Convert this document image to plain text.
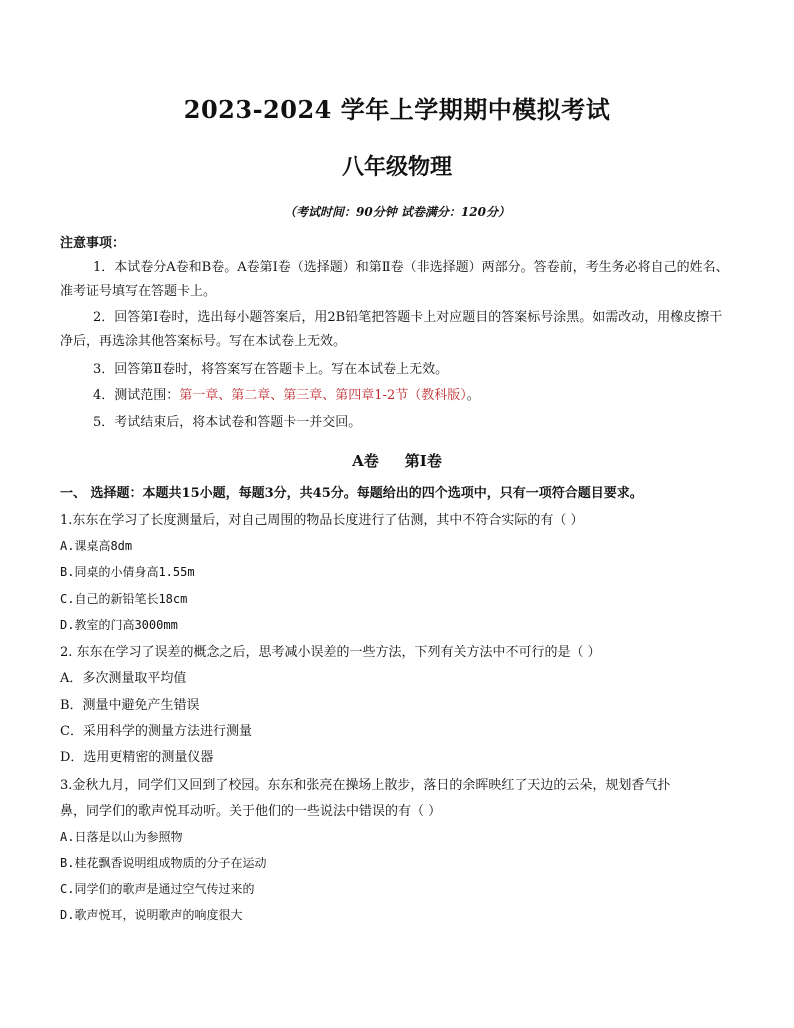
2023-2024 学年上学期期中模拟考试
八年级物理
（考试时间：90分钟 试卷满分：120分）
注意事项：
1．本试卷分A卷和B卷。A卷第Ⅰ卷（选择题）和第Ⅱ卷（非选择题）两部分。答卷前，考生务必将自己的姓名、准考证号填写在答题卡上。
2．回答第Ⅰ卷时，选出每小题答案后，用2B铅笔把答题卡上对应题目的答案标号涂黑。如需改动，用橡皮擦干净后，再选涂其他答案标号。写在本试卷上无效。
3．回答第Ⅱ卷时，将答案写在答题卡上。写在本试卷上无效。
4．测试范围：第一章、第二章、第三章、第四章1-2节（教科版）。
5．考试结束后，将本试卷和答题卡一并交回。
A卷 第Ⅰ卷
一、 选择题：本题共15小题，每题3分，共45分。每题给出的四个选项中，只有一项符合题目要求。
1.东东在学习了长度测量后，对自己周围的物品长度进行了估测，其中不符合实际的有（ ）
A.课桌高8dm
B.同桌的小倩身高1.55m
C.自己的新铅笔长18cm
D.教室的门高3000mm
2. 东东在学习了误差的概念之后，思考减小误差的一些方法，下列有关方法中不可行的是（ ）
A．多次测量取平均值
B．测量中避免产生错误
C．采用科学的测量方法进行测量
D．选用更精密的测量仪器
3.金秋九月，同学们又回到了校园。东东和张亮在操场上散步，落日的余晖映红了天边的云朵，规划香气扑
鼻，同学们的歌声悦耳动听。关于他们的一些说法中错误的有（ ）
A.日落是以山为参照物
B.桂花飘香说明组成物质的分子在运动
C.同学们的歌声是通过空气传过来的
D.歌声悦耳，说明歌声的响度很大
